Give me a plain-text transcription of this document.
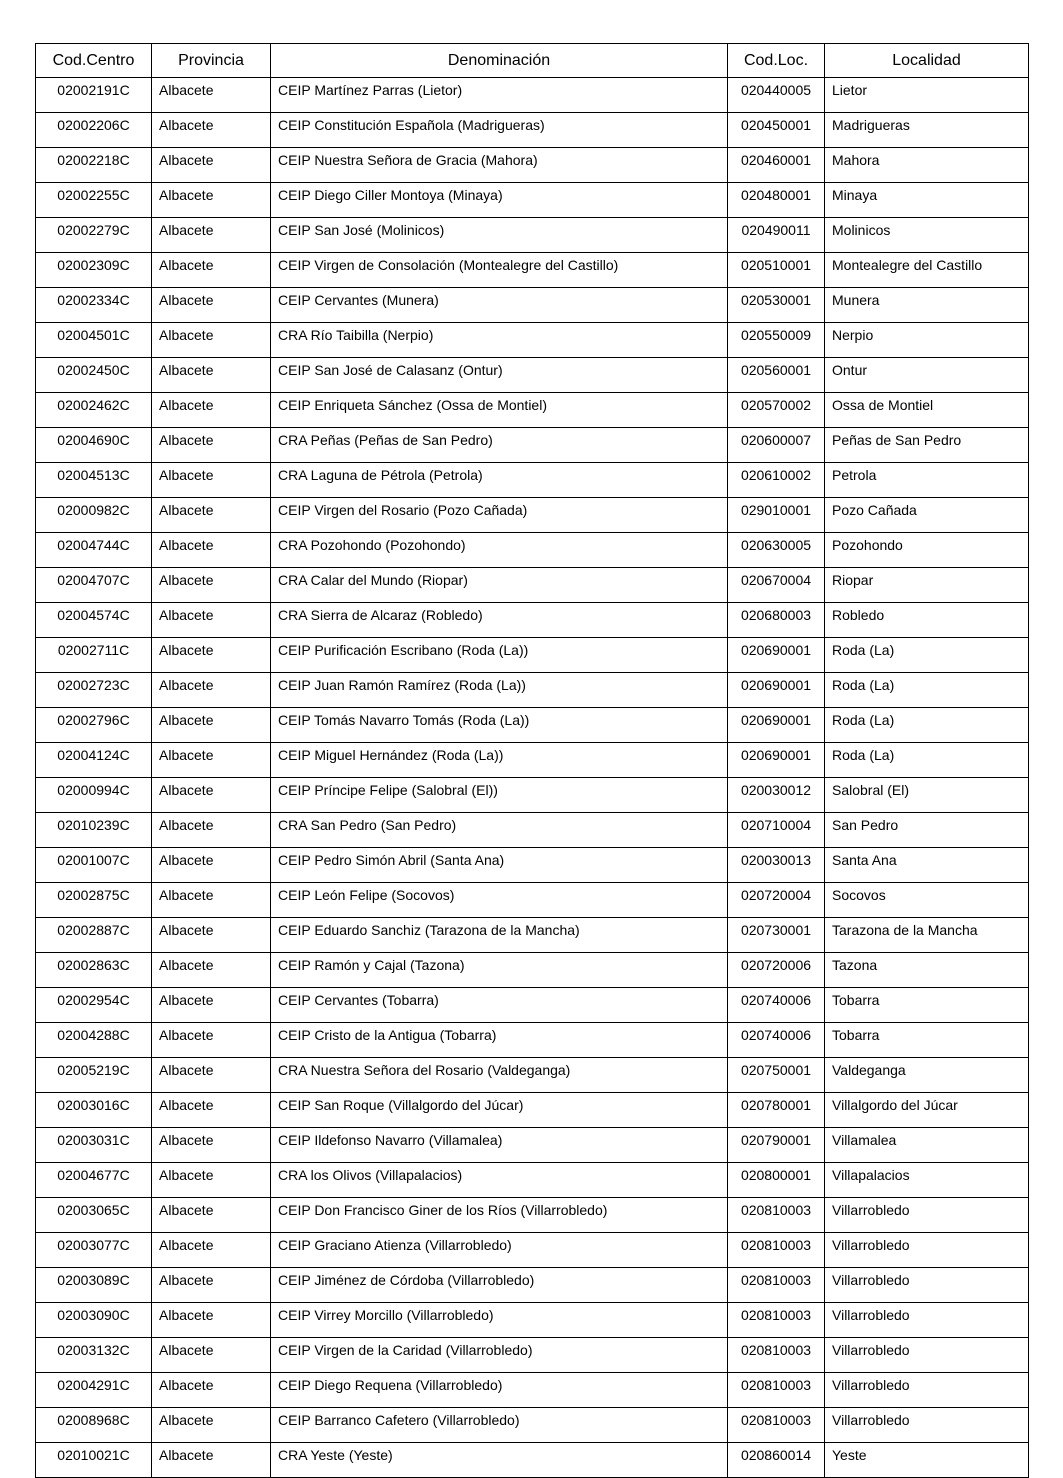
Cod.Centro	Provincia	Denominación	Cod.Loc.	Localidad
02002191C	Albacete	CEIP Martínez Parras (Lietor)	020440005	Lietor
02002206C	Albacete	CEIP Constitución Española (Madrigueras)	020450001	Madrigueras
02002218C	Albacete	CEIP Nuestra Señora de Gracia (Mahora)	020460001	Mahora
02002255C	Albacete	CEIP Diego Ciller Montoya (Minaya)	020480001	Minaya
02002279C	Albacete	CEIP San José (Molinicos)	020490011	Molinicos
02002309C	Albacete	CEIP Virgen de Consolación (Montealegre del Castillo)	020510001	Montealegre del Castillo
02002334C	Albacete	CEIP Cervantes (Munera)	020530001	Munera
02004501C	Albacete	CRA Río Taibilla (Nerpio)	020550009	Nerpio
02002450C	Albacete	CEIP San José de Calasanz (Ontur)	020560001	Ontur
02002462C	Albacete	CEIP Enriqueta Sánchez (Ossa de Montiel)	020570002	Ossa de Montiel
02004690C	Albacete	CRA Peñas (Peñas de San Pedro)	020600007	Peñas de San Pedro
02004513C	Albacete	CRA Laguna de Pétrola (Petrola)	020610002	Petrola
02000982C	Albacete	CEIP Virgen del Rosario (Pozo Cañada)	029010001	Pozo Cañada
02004744C	Albacete	CRA Pozohondo (Pozohondo)	020630005	Pozohondo
02004707C	Albacete	CRA Calar del Mundo (Riopar)	020670004	Riopar
02004574C	Albacete	CRA Sierra de Alcaraz (Robledo)	020680003	Robledo
02002711C	Albacete	CEIP Purificación Escribano (Roda (La))	020690001	Roda (La)
02002723C	Albacete	CEIP Juan Ramón Ramírez (Roda (La))	020690001	Roda (La)
02002796C	Albacete	CEIP Tomás Navarro Tomás (Roda (La))	020690001	Roda (La)
02004124C	Albacete	CEIP Miguel Hernández (Roda (La))	020690001	Roda (La)
02000994C	Albacete	CEIP Príncipe Felipe (Salobral (El))	020030012	Salobral (El)
02010239C	Albacete	CRA San Pedro (San Pedro)	020710004	San Pedro
02001007C	Albacete	CEIP Pedro Simón Abril (Santa Ana)	020030013	Santa Ana
02002875C	Albacete	CEIP León Felipe (Socovos)	020720004	Socovos
02002887C	Albacete	CEIP Eduardo Sanchiz (Tarazona de la Mancha)	020730001	Tarazona de la Mancha
02002863C	Albacete	CEIP Ramón y Cajal (Tazona)	020720006	Tazona
02002954C	Albacete	CEIP Cervantes (Tobarra)	020740006	Tobarra
02004288C	Albacete	CEIP Cristo de la Antigua (Tobarra)	020740006	Tobarra
02005219C	Albacete	CRA Nuestra Señora del Rosario (Valdeganga)	020750001	Valdeganga
02003016C	Albacete	CEIP San Roque (Villalgordo del Júcar)	020780001	Villalgordo del Júcar
02003031C	Albacete	CEIP Ildefonso Navarro (Villamalea)	020790001	Villamalea
02004677C	Albacete	CRA los Olivos (Villapalacios)	020800001	Villapalacios
02003065C	Albacete	CEIP Don Francisco Giner de los Ríos (Villarrobledo)	020810003	Villarrobledo
02003077C	Albacete	CEIP Graciano Atienza (Villarrobledo)	020810003	Villarrobledo
02003089C	Albacete	CEIP Jiménez de Córdoba (Villarrobledo)	020810003	Villarrobledo
02003090C	Albacete	CEIP Virrey Morcillo (Villarrobledo)	020810003	Villarrobledo
02003132C	Albacete	CEIP Virgen de la Caridad (Villarrobledo)	020810003	Villarrobledo
02004291C	Albacete	CEIP Diego Requena (Villarrobledo)	020810003	Villarrobledo
02008968C	Albacete	CEIP Barranco Cafetero (Villarrobledo)	020810003	Villarrobledo
02010021C	Albacete	CRA Yeste (Yeste)	020860014	Yeste
